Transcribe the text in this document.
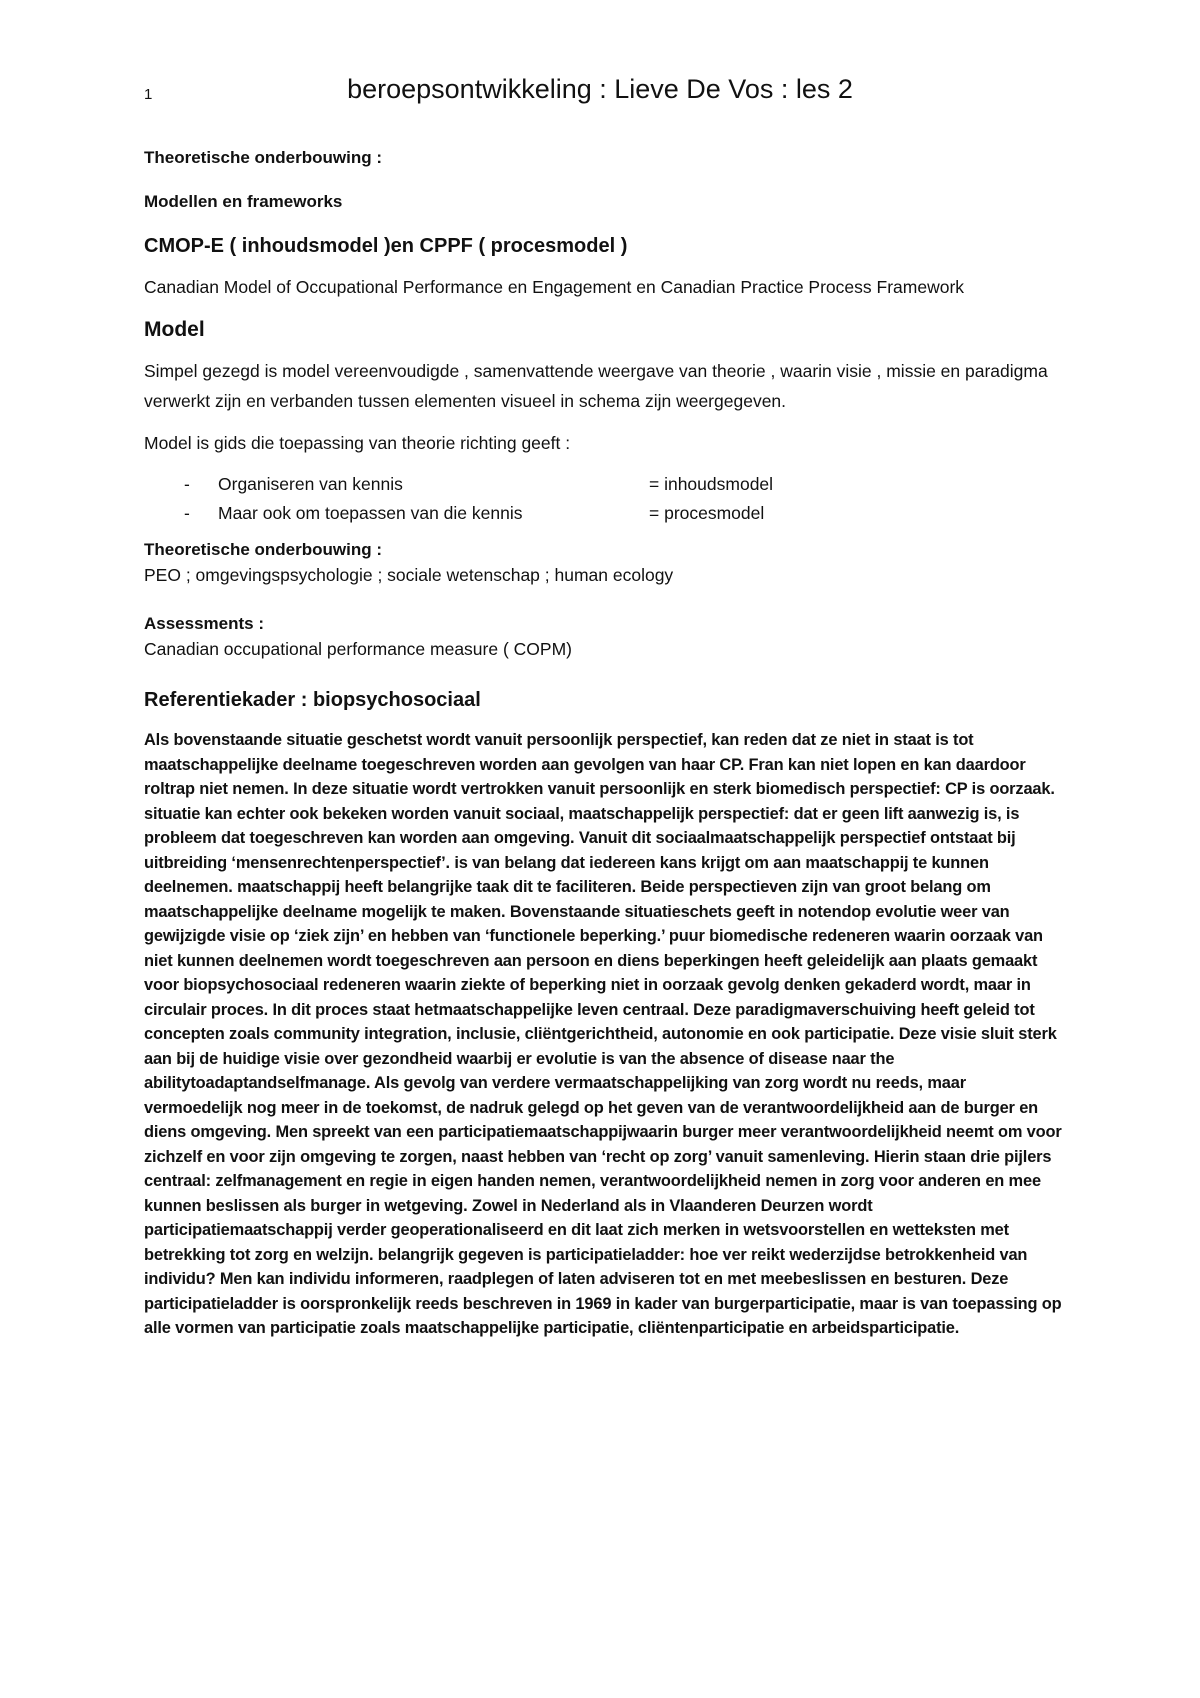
1	beroepsontwikkeling : Lieve De Vos : les 2

Theoretische onderbouwing :

Modellen en frameworks

CMOP-E ( inhoudsmodel )en CPPF ( procesmodel )

Canadian Model of Occupational Performance en Engagement en Canadian Practice Process Framework

Model

Simpel gezegd is model vereenvoudigde , samenvattende weergave van theorie , waarin visie , missie en paradigma verwerkt zijn en verbanden tussen elementen visueel in schema zijn weergegeven.

Model is gids die toepassing van theorie richting geeft :

- Organiseren van kennis	= inhoudsmodel
- Maar ook om toepassen van die kennis	= procesmodel

Theoretische onderbouwing :

PEO ; omgevingspsychologie ; sociale wetenschap ; human ecology

Assessments :

Canadian occupational performance measure ( COPM)

Referentiekader : biopsychosociaal

Als bovenstaande situatie geschetst wordt vanuit persoonlijk perspectief, kan reden dat ze niet in staat is tot maatschappelijke deelname toegeschreven worden aan gevolgen van haar CP. Fran kan niet lopen en kan daardoor roltrap niet nemen. In deze situatie wordt vertrokken vanuit persoonlijk en sterk biomedisch perspectief: CP is oorzaak. situatie kan echter ook bekeken worden vanuit sociaal, maatschappelijk perspectief: dat er geen lift aanwezig is, is probleem dat toegeschreven kan worden aan omgeving. Vanuit dit sociaalmaatschappelijk perspectief ontstaat bij uitbreiding ‘mensenrechtenperspectief’. is van belang dat iedereen kans krijgt om aan maatschappij te kunnen deelnemen. maatschappij heeft belangrijke taak dit te faciliteren. Beide perspectieven zijn van groot belang om maatschappelijke deelname mogelijk te maken. Bovenstaande situatieschets geeft in notendop evolutie weer van gewijzigde visie op ‘ziek zijn’ en hebben van ‘functionele beperking.’ puur biomedische redeneren waarin oorzaak van niet kunnen deelnemen wordt toegeschreven aan persoon en diens beperkingen heeft geleidelijk aan plaats gemaakt voor biopsychosociaal redeneren waarin ziekte of beperking niet in oorzaak gevolg denken gekaderd wordt, maar in circulair proces. In dit proces staat hetmaatschappelijke leven centraal. Deze paradigmaverschuiving heeft geleid tot concepten zoals community integration, inclusie, cliëntgerichtheid, autonomie en ook participatie. Deze visie sluit sterk aan bij de huidige visie over gezondheid waarbij er evolutie is van the absence of disease naar the abilitytoadaptandselfmanage. Als gevolg van verdere vermaatschappelijking van zorg wordt nu reeds, maar vermoedelijk nog meer in de toekomst, de nadruk gelegd op het geven van de verantwoordelijkheid aan de burger en diens omgeving. Men spreekt van een participatiemaatschappijwaarin burger meer verantwoordelijkheid neemt om voor zichzelf en voor zijn omgeving te zorgen, naast hebben van ‘recht op zorg’ vanuit samenleving. Hierin staan drie pijlers centraal: zelfmanagement en regie in eigen handen nemen, verantwoordelijkheid nemen in zorg voor anderen en mee kunnen beslissen als burger in wetgeving. Zowel in Nederland als in Vlaanderen Deurzen wordt participatiemaatschappij verder geoperationaliseerd en dit laat zich merken in wetsvoorstellen en wetteksten met betrekking tot zorg en welzijn. belangrijk gegeven is participatieladder: hoe ver reikt wederzijdse betrokkenheid van individu? Men kan individu informeren, raadplegen of laten adviseren tot en met meebeslissen en besturen. Deze participatieladder is oorspronkelijk reeds beschreven in 1969 in kader van burgerparticipatie, maar is van toepassing op alle vormen van participatie zoals maatschappelijke participatie, cliëntenparticipatie en arbeidsparticipatie.
